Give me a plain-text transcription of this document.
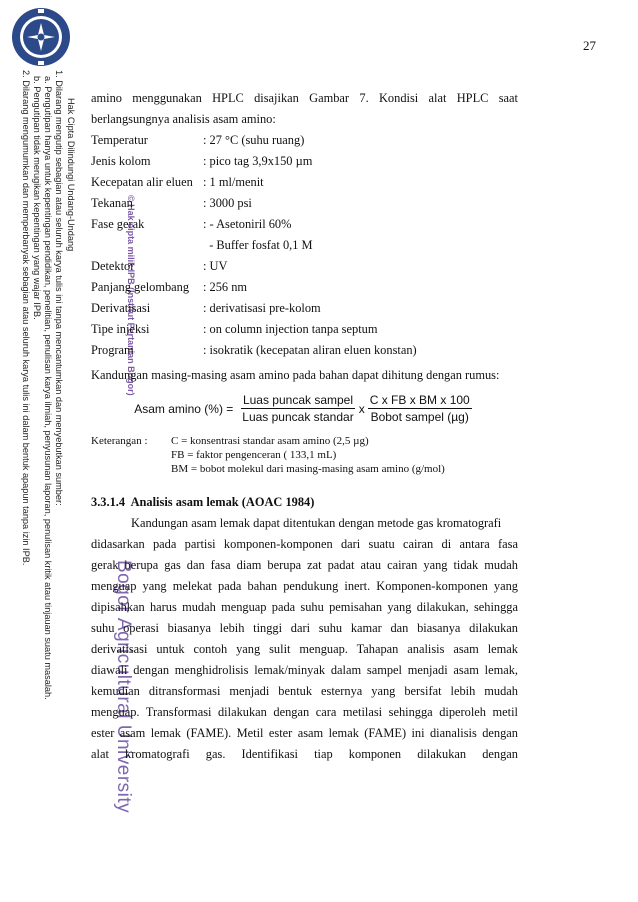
27
Hak Cipta Dilindungi Undang-Undang
1. Dilarang mengutip sebagian atau seluruh karya tulis ini tanpa mencantumkan dan menyebutkan sumber:
a. Pengutipan hanya untuk kepentingan pendidikan, penelitian, penulisan karya ilmiah, penyusunan laporan, penulisan kritik atau tinjauan suatu masalah.
b. Pengutipan tidak merugikan kepentingan yang wajar IPB.
2. Dilarang mengumumkan dan memperbanyak sebagian atau seluruh karya tulis ini dalam bentuk apapun tanpa izin IPB.	© Hak cipta milik IPB (Institut Pertanian Bogor)
Bogor Agricultural University

amino menggunakan HPLC disajikan Gambar 7. Kondisi alat HPLC saat

berlangsungnya analisis asam amino:

Temperatur	: 27 °C (suhu ruang)
Jenis kolom	: pico tag 3,9x150 µm
Kecepatan alir eluen : 1 ml/menit
Tekanan	: 3000 psi
Fase gerak	: - Asetoniril 60%
- Buffer fosfat 0,1 M
Detektor	: UV
Panjang gelombang	: 256 nm
Derivatisasi	: derivatisasi pre-kolom
Tipe injeksi	: on column injection tanpa septum
Program	: isokratik (kecepatan aliran eluen konstan)

Kandungan masing-masing asam amino pada bahan dapat dihitung dengan rumus:

Asam amino (%) = $\frac{\text{Luas puncak sampel}}{\text{Luas puncak standar}}$ x $\frac{\text{C x FB x BM x 100}}{\text{Bobot sampel (µg)}}$
Keterangan :	C = konsentrasi standar asam amino (2,5 µg)
FB = faktor pengenceran ( 133,1 mL)
BM = bobot molekul dari masing-masing asam amino (g/mol)

3.3.1.4  Analisis asam lemak (AOAC 1984)

Kandungan asam lemak dapat ditentukan dengan metode gas kromatografi

didasarkan pada partisi komponen-komponen dari suatu cairan di antara fasa

gerak berupa gas dan fasa diam berupa zat padat atau cairan yang tidak mudah

menguap yang melekat pada bahan pendukung inert. Komponen-komponen yang

dipisahkan harus mudah menguap pada suhu pemisahan yang dilakukan, sehingga

suhu operasi biasanya lebih tinggi dari suhu kamar dan biasanya dilakukan

derivatisasi untuk contoh yang sulit menguap. Tahapan analisis asam lemak

diawali dengan menghidrolisis lemak/minyak dalam sampel menjadi asam lemak,

kemudian ditransformasi menjadi bentuk esternya yang bersifat lebih mudah

menguap. Transformasi dilakukan dengan cara metilasi sehingga diperoleh metil

ester asam lemak (FAME). Metil ester asam lemak (FAME) ini dianalisis dengan

alat kromatografi gas. Identifikasi tiap komponen dilakukan dengan
